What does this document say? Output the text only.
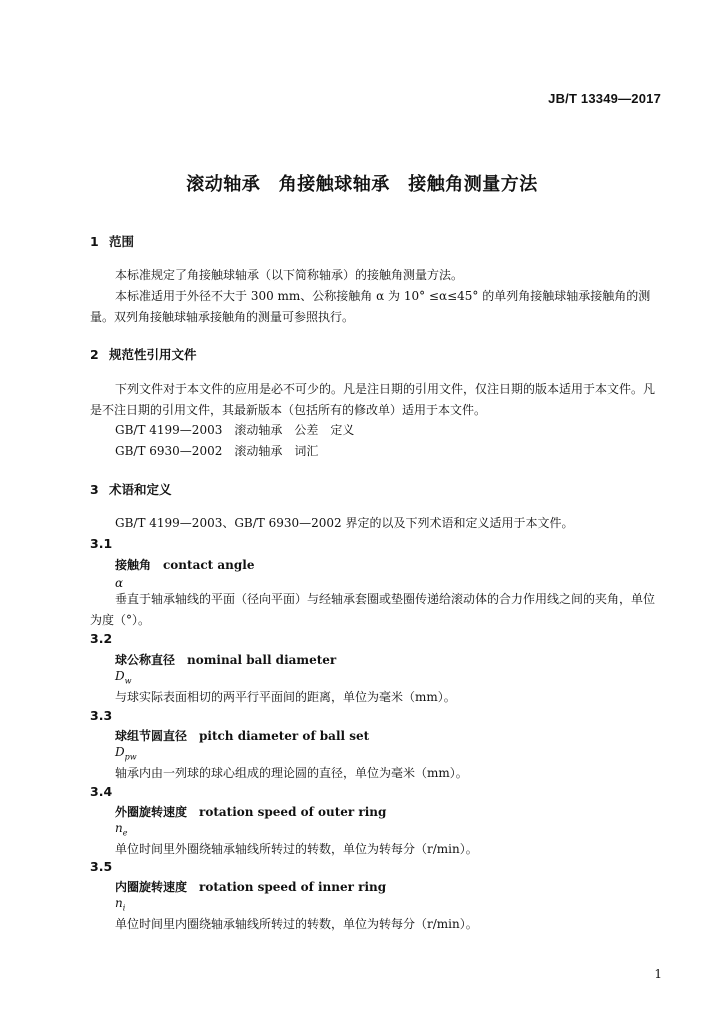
JB/T 13349—2017
滚动轴承　角接触球轴承　接触角测量方法
1 范围
本标准规定了角接触球轴承（以下简称轴承）的接触角测量方法。
本标准适用于外径不大于 300 mm、公称接触角 α 为 10° ≤α≤45° 的单列角接触球轴承接触角的测量。双列角接触球轴承接触角的测量可参照执行。
2 规范性引用文件
下列文件对于本文件的应用是必不可少的。凡是注日期的引用文件，仅注日期的版本适用于本文件。凡是不注日期的引用文件，其最新版本（包括所有的修改单）适用于本文件。
GB/T 4199—2003　滚动轴承　公差　定义
GB/T 6930—2002　滚动轴承　词汇
3 术语和定义
GB/T 4199—2003、GB/T 6930—2002 界定的以及下列术语和定义适用于本文件。
3.1
接触角　contact angle
α
垂直于轴承轴线的平面（径向平面）与经轴承套圈或垫圈传递给滚动体的合力作用线之间的夹角，单位为度（°）。
3.2
球公称直径　nominal ball diameter
$D_w$
与球实际表面相切的两平行平面间的距离，单位为毫米（mm）。
3.3
球组节圆直径　pitch diameter of ball set
$D_{pw}$
轴承内由一列球的球心组成的理论圆的直径，单位为毫米（mm）。
3.4
外圈旋转速度　rotation speed of outer ring
$n_e$
单位时间里外圈绕轴承轴线所转过的转数，单位为转每分（r/min）。
3.5
内圈旋转速度　rotation speed of inner ring
$n_i$
单位时间里内圈绕轴承轴线所转过的转数，单位为转每分（r/min）。
1
